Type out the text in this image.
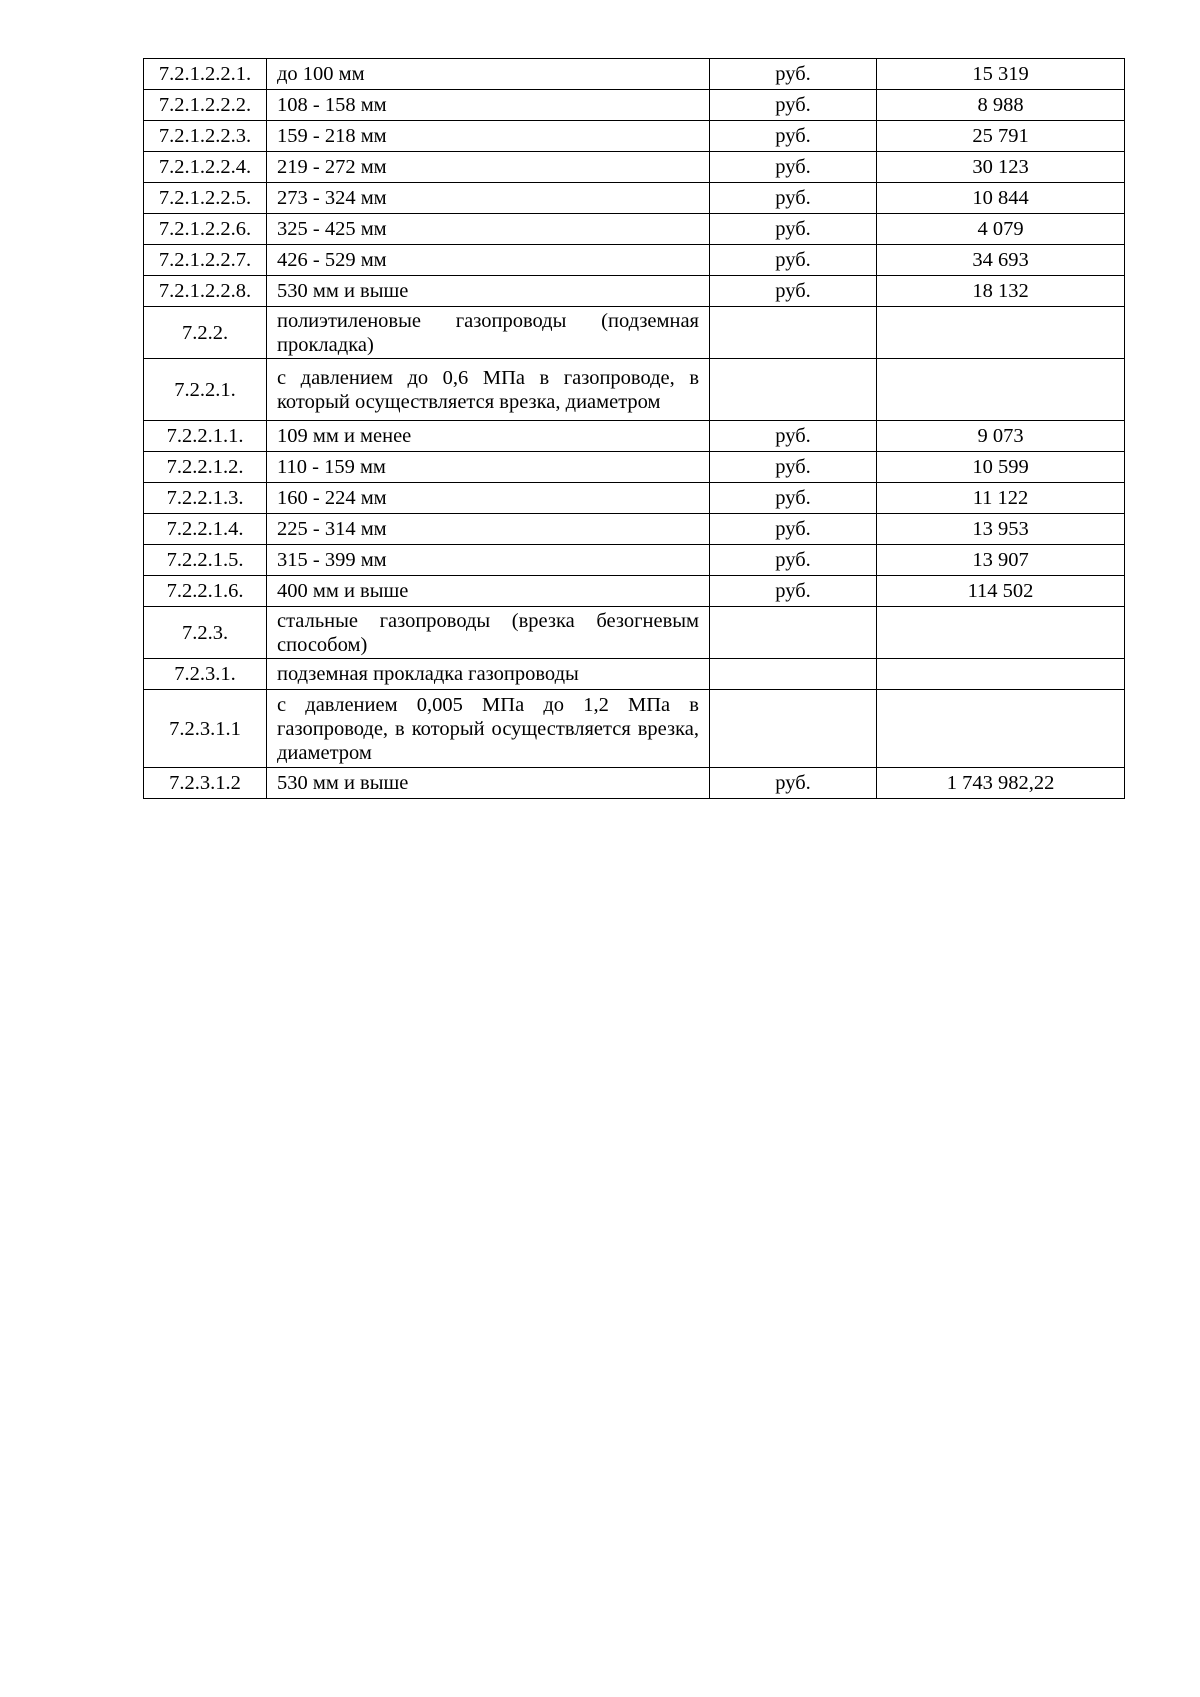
7.2.1.2.2.1.	до 100 мм	руб.	15 319
7.2.1.2.2.2.	108 - 158 мм	руб.	8 988
7.2.1.2.2.3.	159 - 218 мм	руб.	25 791
7.2.1.2.2.4.	219 - 272 мм	руб.	30 123
7.2.1.2.2.5.	273 - 324 мм	руб.	10 844
7.2.1.2.2.6.	325 - 425 мм	руб.	4 079
7.2.1.2.2.7.	426 - 529 мм	руб.	34 693
7.2.1.2.2.8.	530 мм и выше	руб.	18 132
7.2.2.	полиэтиленовые газопроводы (подземная прокладка)		
7.2.2.1.	с давлением до 0,6 МПа в газопроводе, в который осуществляется врезка, диаметром		
7.2.2.1.1.	109 мм и менее	руб.	9 073
7.2.2.1.2.	110 - 159 мм	руб.	10 599
7.2.2.1.3.	160 - 224 мм	руб.	11 122
7.2.2.1.4.	225 - 314 мм	руб.	13 953
7.2.2.1.5.	315 - 399 мм	руб.	13 907
7.2.2.1.6.	400 мм и выше	руб.	114 502
7.2.3.	стальные газопроводы (врезка безогневым способом)		
7.2.3.1.	подземная прокладка газопроводы		
7.2.3.1.1	с давлением 0,005 МПа до 1,2 МПа в газопроводе, в который осуществляется врезка, диаметром		
7.2.3.1.2	530 мм и выше	руб.	1 743 982,22
